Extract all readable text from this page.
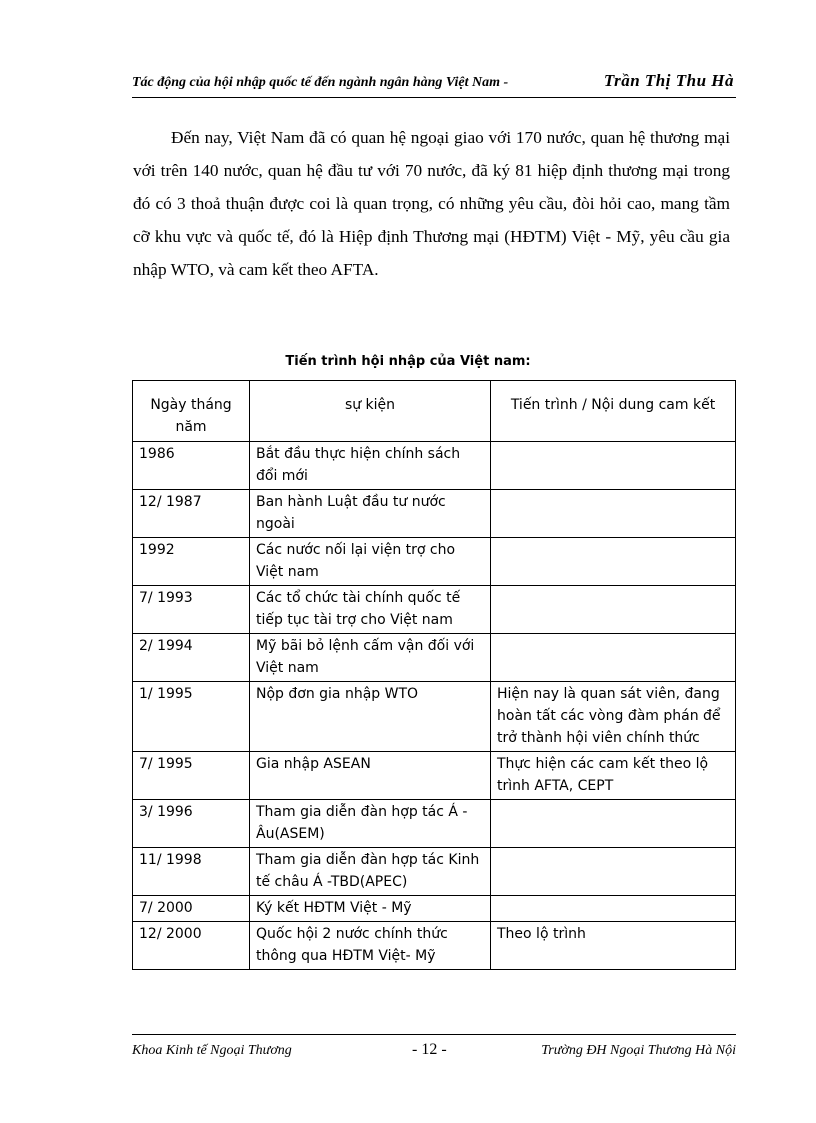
Tác động của hội nhập quốc tế đến ngành ngân hàng Việt Nam -	Trần Thị Thu Hà

Đến nay, Việt Nam đã có quan hệ ngoại giao với 170 nước, quan hệ thương mại với trên 140 nước, quan hệ đầu tư với 70 nước, đã ký 81 hiệp định thương mại trong đó có 3 thoả thuận được coi là quan trọng, có những yêu cầu, đòi hỏi cao, mang tầm cỡ khu vực và quốc tế, đó là Hiệp định Thương mại (HĐTM) Việt - Mỹ, yêu cầu gia nhập WTO, và cam kết theo AFTA.

Tiến trình hội nhập của Việt nam:
Ngày tháng năm	sự kiện	Tiến trình / Nội dung cam kết
1986	Bắt đầu thực hiện chính sách đổi mới	
12/ 1987	Ban hành Luật đầu tư nước ngoài	
1992	Các nước nối lại viện trợ cho Việt nam	
7/ 1993	Các tổ chức tài chính quốc tế tiếp tục tài trợ cho Việt nam	
2/ 1994	Mỹ bãi bỏ lệnh cấm vận đối với Việt nam	
1/ 1995	Nộp đơn gia nhập WTO	Hiện nay là quan sát viên, đang hoàn tất các vòng đàm phán để trở thành hội viên chính thức
7/ 1995	Gia nhập ASEAN	Thực hiện các cam kết theo lộ trình AFTA, CEPT
3/ 1996	Tham gia diễn đàn hợp tác Á - Âu(ASEM)	
11/ 1998	Tham gia diễn đàn hợp tác Kinh tế châu Á -TBD(APEC)	
7/ 2000	Ký kết HĐTM Việt - Mỹ	
12/ 2000	Quốc hội 2 nước chính thức thông qua HĐTM Việt- Mỹ	Theo lộ trình
Khoa Kinh tế Ngoại Thương	- 12 -	Trường ĐH Ngoại Thương Hà Nội
